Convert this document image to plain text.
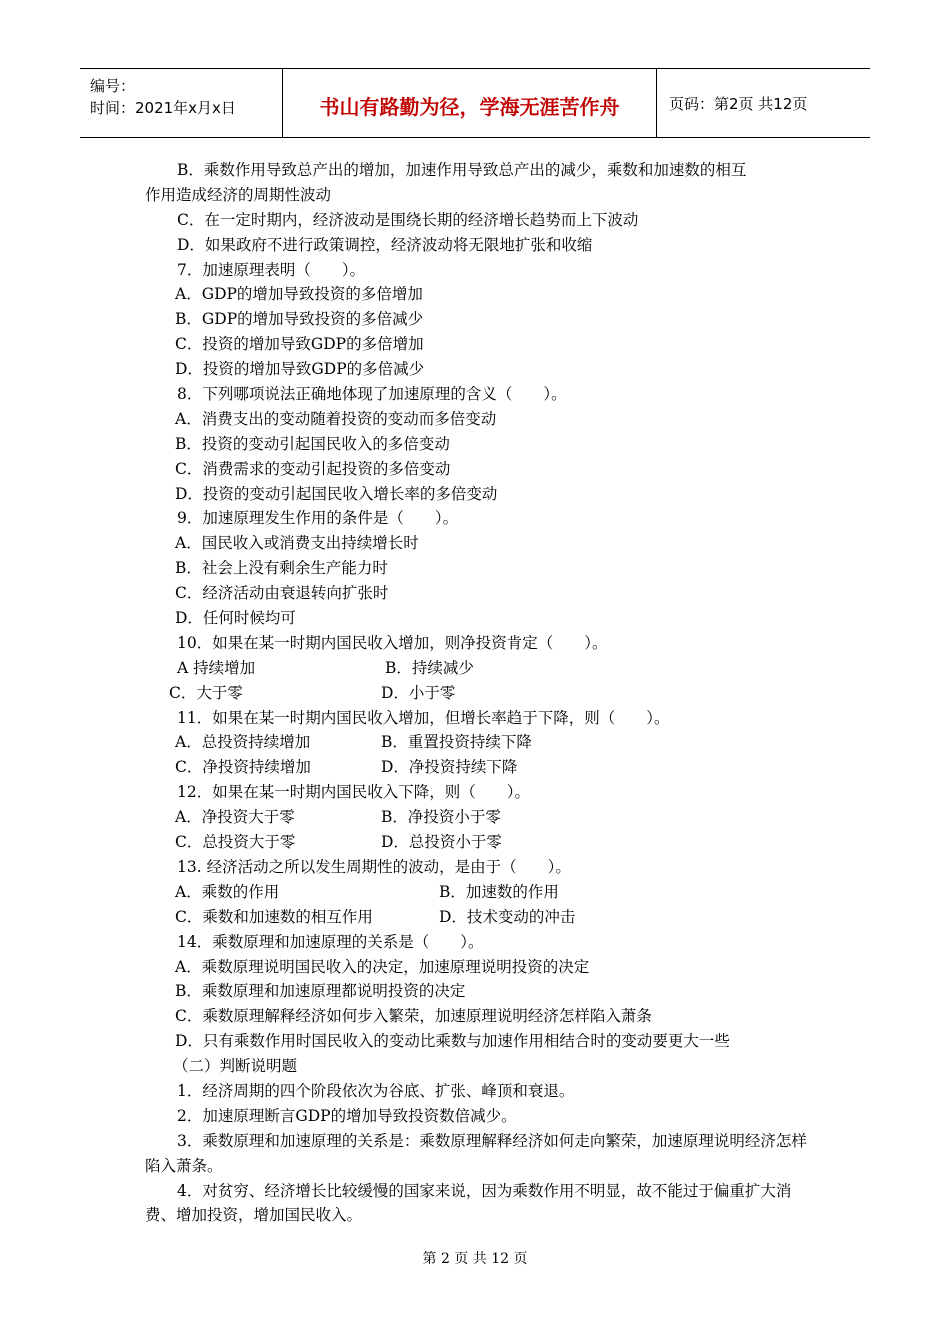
编号：
时间：2021年x月x日	书山有路勤为径，学海无涯苦作舟	页码：第2页 共12页
B．乘数作用导致总产出的增加，加速作用导致总产出的减少，乘数和加速数的相互
作用造成经济的周期性波动
C．在一定时期内，经济波动是围绕长期的经济增长趋势而上下波动
D．如果政府不进行政策调控，经济波动将无限地扩张和收缩
7．加速原理表明（　　）。
A．GDP的增加导致投资的多倍增加
B．GDP的增加导致投资的多倍减少
C．投资的增加导致GDP的多倍增加
D．投资的增加导致GDP的多倍减少
8．下列哪项说法正确地体现了加速原理的含义（　　）。
A．消费支出的变动随着投资的变动而多倍变动
B．投资的变动引起国民收入的多倍变动
C．消费需求的变动引起投资的多倍变动
D．投资的变动引起国民收入增长率的多倍变动
9．加速原理发生作用的条件是（　　）。
A．国民收入或消费支出持续增长时
B．社会上没有剩余生产能力时
C．经济活动由衰退转向扩张时
D．任何时候均可
10．如果在某一时期内国民收入增加，则净投资肯定（　　）。
A 持续增加	B．持续减少
C．大于零	D．小于零
11．如果在某一时期内国民收入增加，但增长率趋于下降，则（　　）。
A．总投资持续增加	B．重置投资持续下降
C．净投资持续增加	D．净投资持续下降
12．如果在某一时期内国民收入下降，则（　　）。
A．净投资大于零	B．净投资小于零
C．总投资大于零	D．总投资小于零
13. 经济活动之所以发生周期性的波动，是由于（　　）。
A．乘数的作用	B．加速数的作用
C．乘数和加速数的相互作用	D．技术变动的冲击
14．乘数原理和加速原理的关系是（　　）。
A．乘数原理说明国民收入的决定，加速原理说明投资的决定
B．乘数原理和加速原理都说明投资的决定
C．乘数原理解释经济如何步入繁荣，加速原理说明经济怎样陷入萧条
D．只有乘数作用时国民收入的变动比乘数与加速作用相结合时的变动要更大一些
（二）判断说明题
1．经济周期的四个阶段依次为谷底、扩张、峰顶和衰退。
2．加速原理断言GDP的增加导致投资数倍减少。
3．乘数原理和加速原理的关系是：乘数原理解释经济如何走向繁荣，加速原理说明经济怎样陷入萧条。
4．对贫穷、经济增长比较缓慢的国家来说，因为乘数作用不明显，故不能过于偏重扩大消费、增加投资，增加国民收入。
第 2 页 共 12 页
